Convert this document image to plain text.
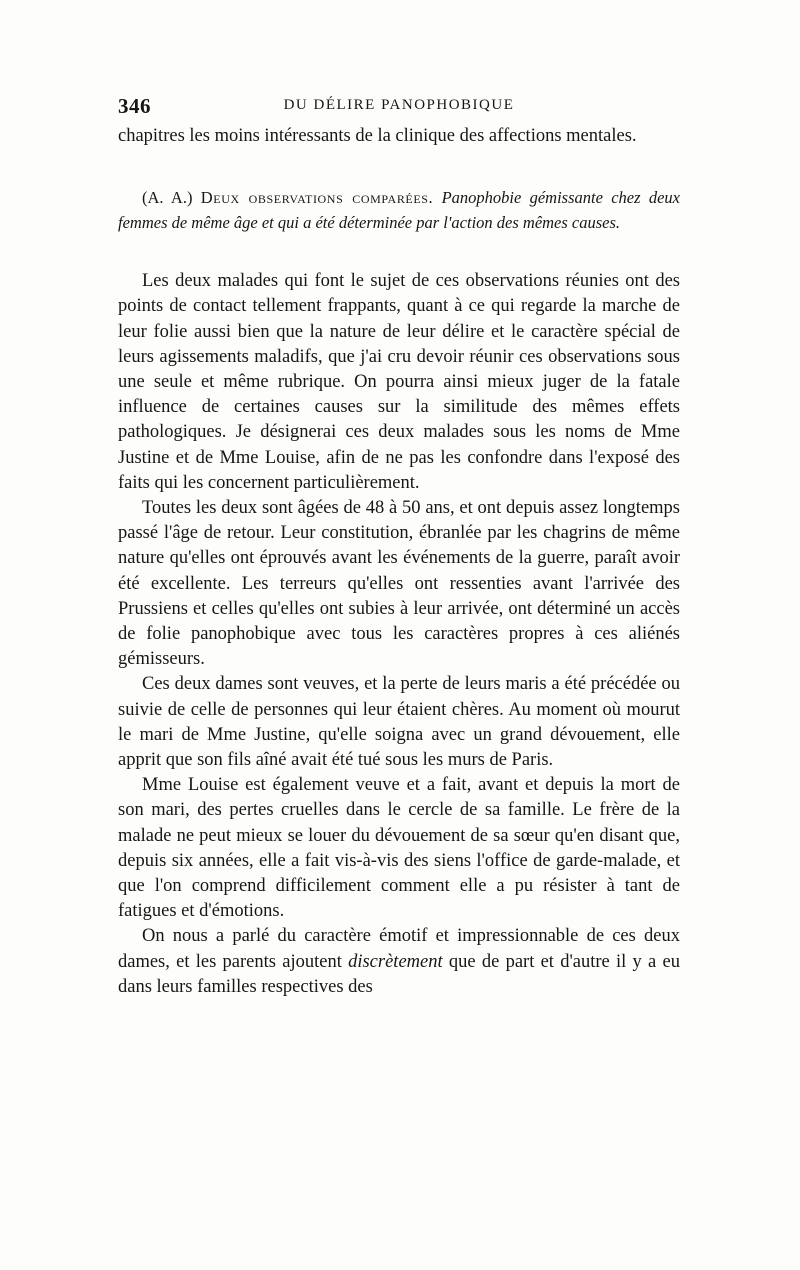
346	DU DÉLIRE PANOPHOBIQUE

chapitres les moins intéressants de la clinique des affections mentales.

(A. A.) Deux observations comparées. Panophobie gémissante chez deux femmes de même âge et qui a été déterminée par l'action des mêmes causes.

Les deux malades qui font le sujet de ces observations réunies ont des points de contact tellement frappants, quant à ce qui regarde la marche de leur folie aussi bien que la nature de leur délire et le caractère spécial de leurs agissements maladifs, que j'ai cru devoir réunir ces observations sous une seule et même rubrique. On pourra ainsi mieux juger de la fatale influence de certaines causes sur la similitude des mêmes effets pathologiques. Je désignerai ces deux malades sous les noms de Mme Justine et de Mme Louise, afin de ne pas les confondre dans l'exposé des faits qui les concernent particulièrement.

Toutes les deux sont âgées de 48 à 50 ans, et ont depuis assez longtemps passé l'âge de retour. Leur constitution, ébranlée par les chagrins de même nature qu'elles ont éprouvés avant les événements de la guerre, paraît avoir été excellente. Les terreurs qu'elles ont ressenties avant l'arrivée des Prussiens et celles qu'elles ont subies à leur arrivée, ont déterminé un accès de folie panophobique avec tous les caractères propres à ces aliénés gémisseurs.

Ces deux dames sont veuves, et la perte de leurs maris a été précédée ou suivie de celle de personnes qui leur étaient chères. Au moment où mourut le mari de Mme Justine, qu'elle soigna avec un grand dévouement, elle apprit que son fils aîné avait été tué sous les murs de Paris.

Mme Louise est également veuve et a fait, avant et depuis la mort de son mari, des pertes cruelles dans le cercle de sa famille. Le frère de la malade ne peut mieux se louer du dévouement de sa sœur qu'en disant que, depuis six années, elle a fait vis-à-vis des siens l'office de garde-malade, et que l'on comprend difficilement comment elle a pu résister à tant de fatigues et d'émotions.

On nous a parlé du caractère émotif et impressionnable de ces deux dames, et les parents ajoutent discrètement que de part et d'autre il y a eu dans leurs familles respectives des
